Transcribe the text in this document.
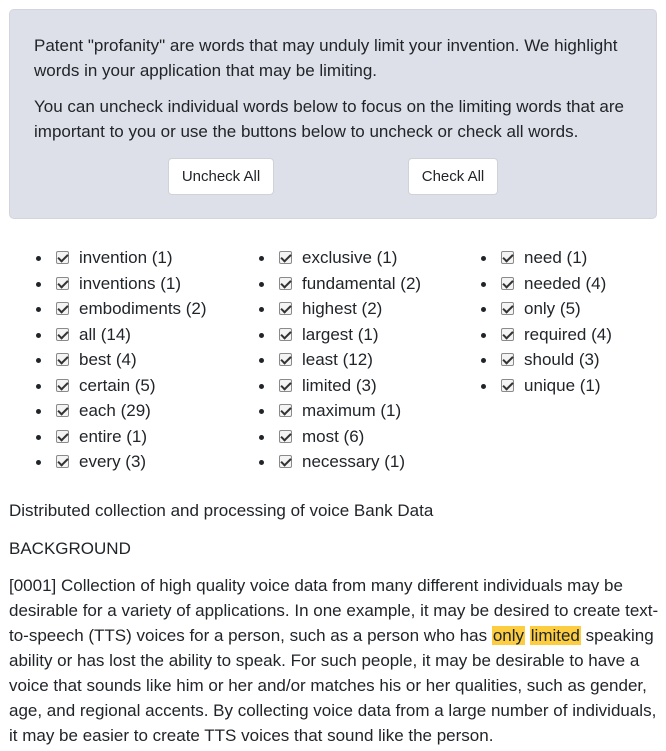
Patent "profanity" are words that may unduly limit your invention. We highlight words in your application that may be limiting.

You can uncheck individual words below to focus on the limiting words that are important to you or use the buttons below to uncheck or check all words.

Uncheck All	Check All
invention (1)
inventions (1)
embodiments (2)
all (14)
best (4)
certain (5)
each (29)
entire (1)
every (3)
exclusive (1)
fundamental (2)
highest (2)
largest (1)
least (12)
limited (3)
maximum (1)
most (6)
necessary (1)
need (1)
needed (4)
only (5)
required (4)
should (3)
unique (1)

Distributed collection and processing of voice Bank Data

BACKGROUND

[0001] Collection of high quality voice data from many different individuals may be desirable for a variety of applications. In one example, it may be desired to create text-to-speech (TTS) voices for a person, such as a person who has only limited speaking ability or has lost the ability to speak. For such people, it may be desirable to have a voice that sounds like him or her and/or matches his or her qualities, such as gender, age, and regional accents. By collecting voice data from a large number of individuals, it may be easier to create TTS voices that sound like the person.
